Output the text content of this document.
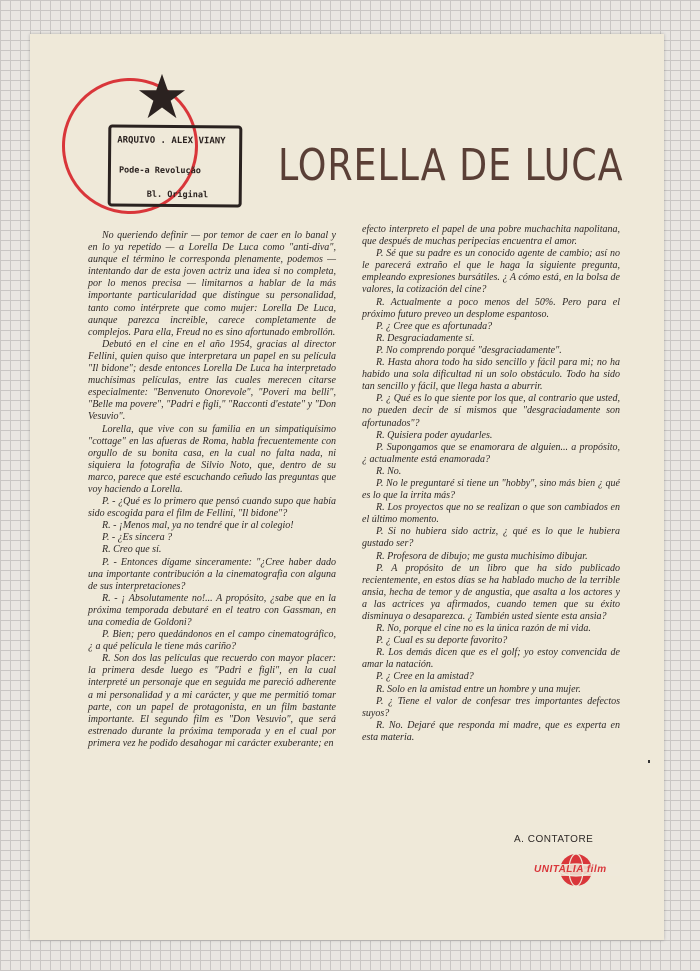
ARQUIVO . ALEX VIANY
Pode-a Revolução
Bl. Original
LORELLA DE LUCA

No queriendo definir — por temor de caer en lo banal y en lo ya repetido — a Lorella De Luca como "anti-diva", aunque el término le corresponda plenamente, podemos — intentando dar de esta joven actriz una idea si no completa, por lo menos precisa — limitarnos a hablar de la más importante particularidad que distingue su personalidad, tanto como intérprete que como mujer: Lorella De Luca, aunque parezca increible, carece completamente de complejos. Para ella, Freud no es sino afortunado embrollón.

Debutó en el cine en el año 1954, gracias al director Fellini, quien quiso que interpretara un papel en su película "Il bidone"; desde entonces Lorella De Luca ha interpretado muchísimas películas, entre las cuales merecen citarse especialmente: "Benvenuto Onorevole", "Poveri ma belli", "Belle ma povere", "Padri e figli," "Racconti d'estate" y "Don Vesuvio".

Lorella, que vive con su familia en un simpatiquísimo "cottage" en las afueras de Roma, habla frecuentemente con orgullo de su bonita casa, en la cual no falta nada, ni siquiera la fotografia de Silvio Noto, que, dentro de su marco, parece que esté escuchando ceñudo las preguntas que voy haciendo a Lorella.

P. - ¿Qué es lo primero que pensó cuando supo que había sido escogida para el film de Fellini, "Il bidone"?

R. - ¡Menos mal, ya no tendré que ir al colegio!

P. - ¿Es sincera ?

R. Creo que sí.

P. - Entonces dígame sinceramente: "¿Cree haber dado una importante contribución a la cinematografia con alguna de sus interpretaciones?

R. - ¡ Absolutamente no!... A propósito, ¿sabe que en la próxima temporada debutaré en el teatro con Gassman, en una comedia de Goldoni?

P. Bien; pero quedándonos en el campo cinematográfico, ¿ a qué película le tiene más cariño?

R. Son dos las películas que recuerdo con mayor placer: la primera desde luego es "Padri e figli", en la cual interpreté un personaje que en seguida me pareció adherente a mi personalidad y a mi carácter, y que me permitió tomar parte, con un papel de protagonista, en un film bastante importante. El segundo film es "Don Vesuvio", que será estrenado durante la próxima temporada y en el cual por primera vez he podido desahogar mi carácter exuberante; en

efecto interpreto el papel de una pobre muchachita napolitana, que después de muchas peripecias encuentra el amor.

P. Sé que su padre es un conocido agente de cambio; así no le parecerá extraño el que le haga la siguiente pregunta, empleando expresiones bursátiles. ¿ A cómo está, en la bolsa de valores, la cotización del cine?

R. Actualmente a poco menos del 50%. Pero para el próximo futuro preveo un desplome espantoso.

P. ¿ Cree que es afortunada?

R. Desgraciadamente sí.

P. No comprendo porqué "desgraciadamente".

R. Hasta ahora todo ha sido sencillo y fácil para mi; no ha habido una sola dificultad ni un solo obstáculo. Todo ha sido tan sencillo y fácil, que llega hasta a aburrir.

P. ¿ Qué es lo que siente por los que, al contrario que usted, no pueden decir de sí mismos que "desgraciadamente son afortunados"?

R. Quisiera poder ayudarles.

P. Supongamos que se enamorara de alguien... a propósito, ¿ actualmente está enamorada?

R. No.

P. No le preguntaré si tiene un "hobby", sino más bien ¿ qué es lo que la irrita más?

R. Los proyectos que no se realizan o que son cambiados en el último momento.

P. Si no hubiera sido actriz, ¿ qué es lo que le hubiera gustado ser?

R. Profesora de dibujo; me gusta muchisimo dibujar.

P. A propósito de un libro que ha sido publicado recientemente, en estos días se ha hablado mucho de la terrible ansia, hecha de temor y de angustia, que asalta a los actores y a las actrices ya afirmados, cuando temen que su éxito disminuya o desaparezca. ¿ También usted siente esta ansia?

R. No, porque el cine no es la única razón de mi vida.

P. ¿ Cual es su deporte favorito?

R. Los demás dicen que es el golf; yo estoy convencida de amar la natación.

P. ¿ Cree en la amistad?

R. Solo en la amistad entre un hombre y una mujer.

P. ¿ Tiene el valor de confesar tres importantes defectos suyos?

R. No. Dejaré que responda mi madre, que es experta en esta materia.

A. CONTATORE
UNITALIA film
